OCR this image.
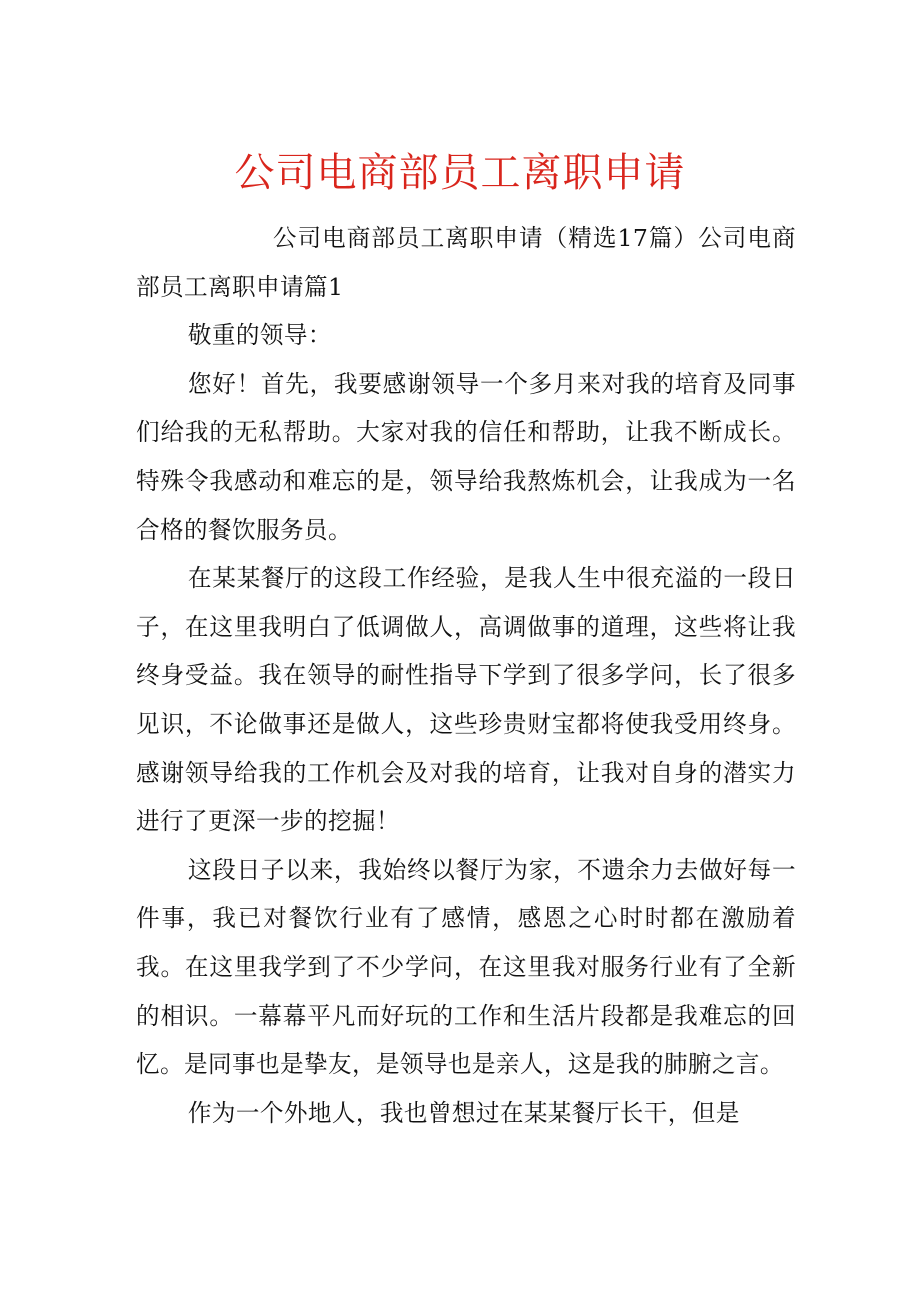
公司电商部员工离职申请

公司电商部员工离职申请（精选17篇）公司电商部员工离职申请篇1

敬重的领导：

您好！首先，我要感谢领导一个多月来对我的培育及同事们给我的无私帮助。大家对我的信任和帮助，让我不断成长。特殊令我感动和难忘的是，领导给我熬炼机会，让我成为一名合格的餐饮服务员。

在某某餐厅的这段工作经验，是我人生中很充溢的一段日子，在这里我明白了低调做人，高调做事的道理，这些将让我终身受益。我在领导的耐性指导下学到了很多学问，长了很多见识，不论做事还是做人，这些珍贵财宝都将使我受用终身。感谢领导给我的工作机会及对我的培育，让我对自身的潜实力进行了更深一步的挖掘！

这段日子以来，我始终以餐厅为家，不遗余力去做好每一件事，我已对餐饮行业有了感情，感恩之心时时都在激励着我。在这里我学到了不少学问，在这里我对服务行业有了全新的相识。一幕幕平凡而好玩的工作和生活片段都是我难忘的回忆。是同事也是挚友，是领导也是亲人，这是我的肺腑之言。

作为一个外地人，我也曾想过在某某餐厅长干，但是
